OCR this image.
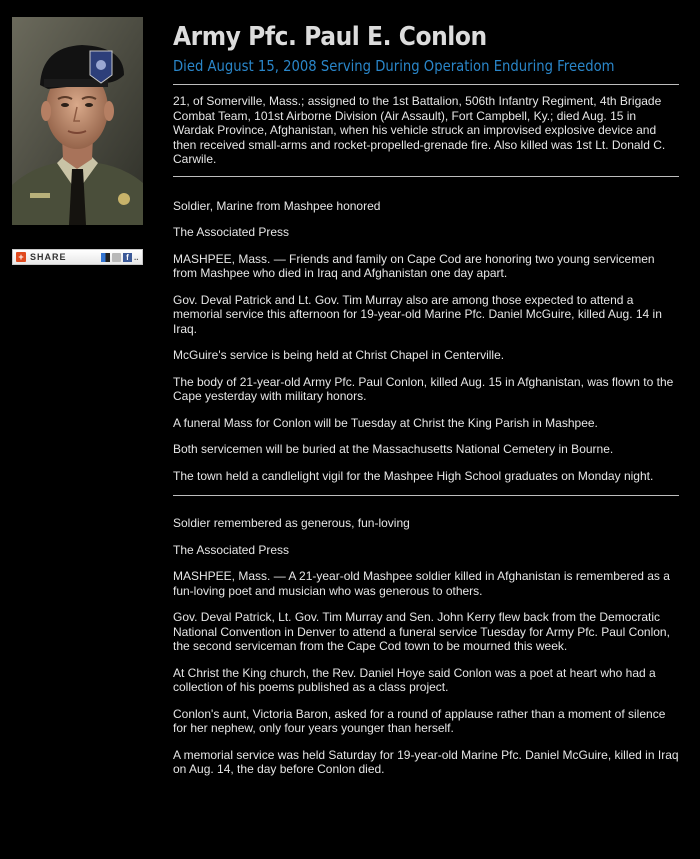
+ SHARE	f ..
Army Pfc. Paul E. Conlon
Died August 15, 2008 Serving During Operation Enduring Freedom

21, of Somerville, Mass.; assigned to the 1st Battalion, 506th Infantry Regiment, 4th Brigade Combat Team, 101st Airborne Division (Air Assault), Fort Campbell, Ky.; died Aug. 15 in Wardak Province, Afghanistan, when his vehicle struck an improvised explosive device and then received small-arms and rocket-propelled-grenade fire. Also killed was 1st Lt. Donald C. Carwile.

Soldier, Marine from Mashpee honored

The Associated Press

MASHPEE, Mass. — Friends and family on Cape Cod are honoring two young servicemen from Mashpee who died in Iraq and Afghanistan one day apart.

Gov. Deval Patrick and Lt. Gov. Tim Murray also are among those expected to attend a memorial service this afternoon for 19-year-old Marine Pfc. Daniel McGuire, killed Aug. 14 in Iraq.

McGuire's service is being held at Christ Chapel in Centerville.

The body of 21-year-old Army Pfc. Paul Conlon, killed Aug. 15 in Afghanistan, was flown to the Cape yesterday with military honors.

A funeral Mass for Conlon will be Tuesday at Christ the King Parish in Mashpee.

Both servicemen will be buried at the Massachusetts National Cemetery in Bourne.

The town held a candlelight vigil for the Mashpee High School graduates on Monday night.

Soldier remembered as generous, fun-loving

The Associated Press

MASHPEE, Mass. — A 21-year-old Mashpee soldier killed in Afghanistan is remembered as a fun-loving poet and musician who was generous to others.

Gov. Deval Patrick, Lt. Gov. Tim Murray and Sen. John Kerry flew back from the Democratic National Convention in Denver to attend a funeral service Tuesday for Army Pfc. Paul Conlon, the second serviceman from the Cape Cod town to be mourned this week.

At Christ the King church, the Rev. Daniel Hoye said Conlon was a poet at heart who had a collection of his poems published as a class project.

Conlon's aunt, Victoria Baron, asked for a round of applause rather than a moment of silence for her nephew, only four years younger than herself.

A memorial service was held Saturday for 19-year-old Marine Pfc. Daniel McGuire, killed in Iraq on Aug. 14, the day before Conlon died.
